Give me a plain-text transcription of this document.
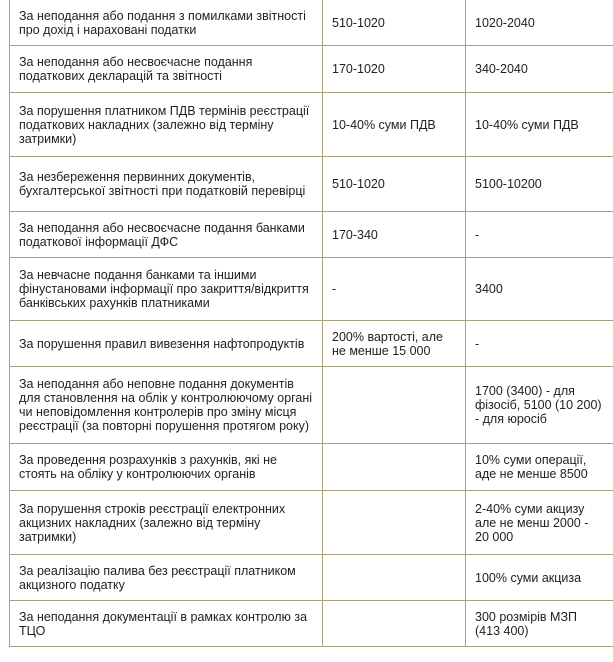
За неподання або подання з помилками звітності про дохід і нараховані податки	510-1020	1020-2040
За неподання або несвоєчасне подання податкових декларацій та звітності	170-1020	340-2040
За порушення платником ПДВ термінів реєстрації податкових накладних (залежно від терміну затримки)	10-40% суми ПДВ	10-40% суми ПДВ
За незбереження первинних документів, бухгалтерської звітності при податковій перевірці	510-1020	5100-10200
За неподання або несвоєчасне подання банками податкової інформації ДФС	170-340	-
За невчасне подання банками та іншими фінустановами інформації про закриття/відкриття банківських рахунків платниками	-	3400
За порушення правил вивезення нафтопродуктів	200% вартості, але не менше 15 000	-
За неподання або неповне подання документів для становлення на облік у контролюючому органі чи неповідомлення контролерів про зміну місця реєстрації (за повторні порушення протягом року)		1700 (3400) - для фізосіб, 5100 (10 200) - для юросіб
За проведення розрахунків з рахунків, які не стоять на обліку у контролюючих органів		10% суми операції, аде не менше 8500
За порушення строків реєстрації електронних акцизних накладних (залежно від терміну затримки)		2-40% суми акцизу але не менш 2000 - 20 000
За реалізацію палива без реєстрації платником акцизного податку		100% суми акциза
За неподання документації в рамках контролю за ТЦО		300 розмірів МЗП (413 400)
